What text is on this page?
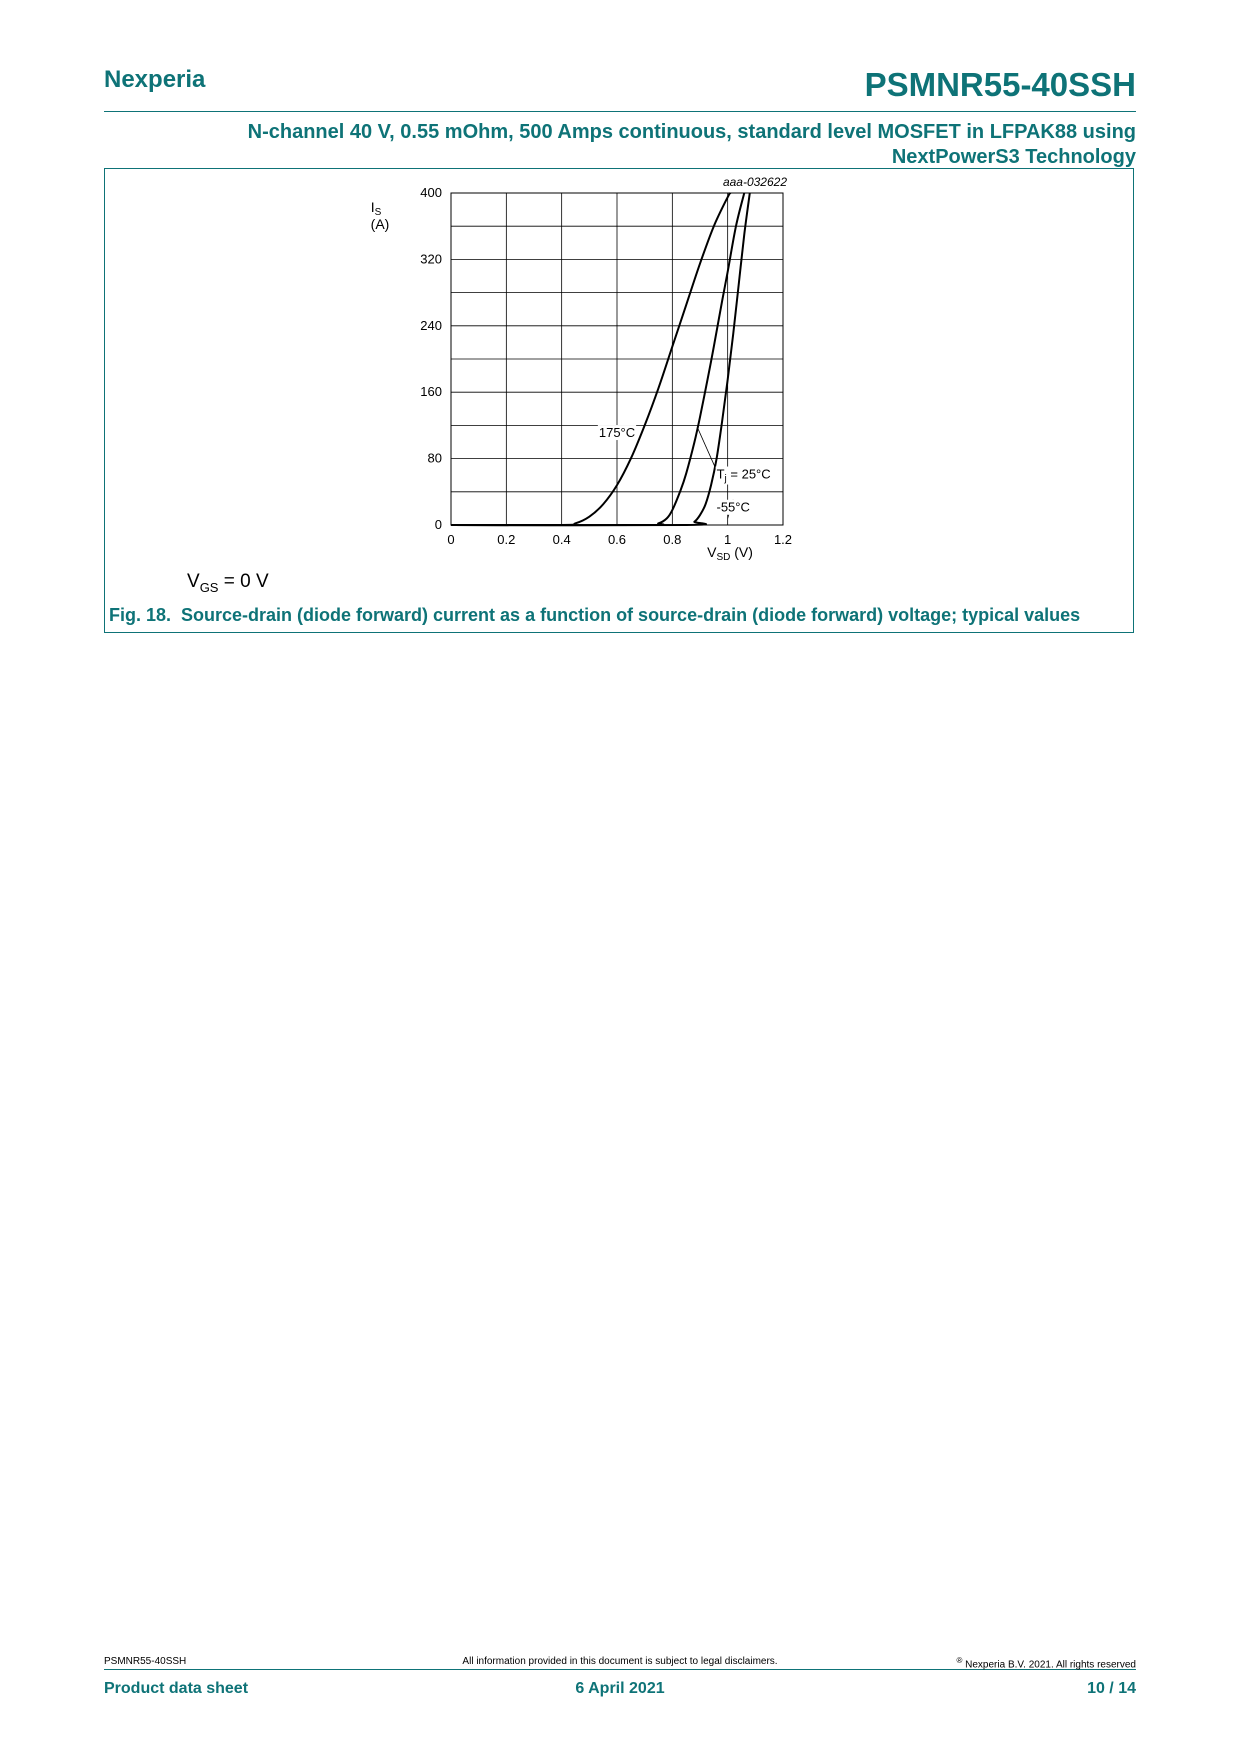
Nexperia	PSMNR55-40SSH
N-channel 40 V, 0.55 mOhm, 500 Amps continuous, standard level MOSFET in LFPAK88 using
NextPowerS3 Technology
0
80
160
240
320
400
0	0.2	0.4	0.6	0.8	1	1.2
175°C
$T_j = 25^\circ C$
-55°C
aaa-032622
$I_S$
(A)
$V_{SD}$ (V)
$V_{GS} = 0$ V
Fig. 18. Source-drain (diode forward) current as a function of source-drain (diode forward) voltage; typical values
PSMNR55-40SSH	All information provided in this document is subject to legal disclaimers.	® Nexperia B.V. 2021. All rights reserved
Product data sheet	6 April 2021	10 / 14
